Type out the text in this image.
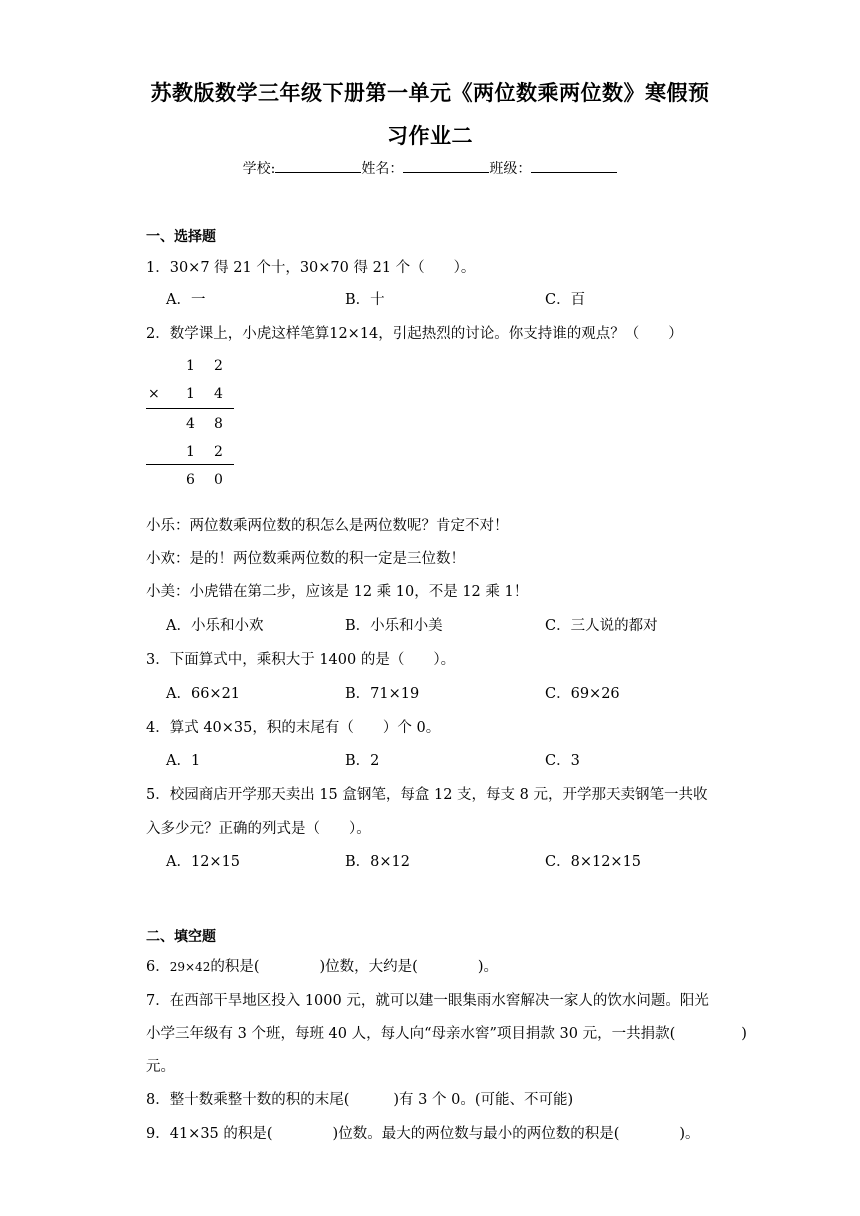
苏教版数学三年级下册第一单元《两位数乘两位数》寒假预
习作业二
学校:	姓名：	班级：
一、选择题
1．30×7 得 21 个十，30×70 得 21 个（　　）。
A．一	B．十	C．百
2．数学课上，小虎这样笔算12×14，引起热烈的讨论。你支持谁的观点？（　　）
1 2
× 1 4
4 8
1 2
6 0
小乐：两位数乘两位数的积怎么是两位数呢？肯定不对！
小欢：是的！两位数乘两位数的积一定是三位数！
小美：小虎错在第二步，应该是 12 乘 10，不是 12 乘 1！
A．小乐和小欢	B．小乐和小美	C．三人说的都对
3．下面算式中，乘积大于 1400 的是（　　）。
A．66×21	B．71×19	C．69×26
4．算式 40×35，积的末尾有（　　）个 0。
A．1	B．2	C．3
5．校园商店开学那天卖出 15 盒钢笔，每盒 12 支，每支 8 元，开学那天卖钢笔一共收
入多少元？正确的列式是（　　）。
A．12×15	B．8×12	C．8×12×15
二、填空题
6．29×42的积是(	)位数，大约是(	)。
7．在西部干旱地区投入 1000 元，就可以建一眼集雨水窖解决一家人的饮水问题。阳光
小学三年级有 3 个班，每班 40 人，每人向“母亲水窖”项目捐款 30 元，一共捐款(	)
元。
8．整十数乘整十数的积的末尾(	)有 3 个 0。(可能、不可能)
9．41×35 的积是(	)位数。最大的两位数与最小的两位数的积是(	)。
